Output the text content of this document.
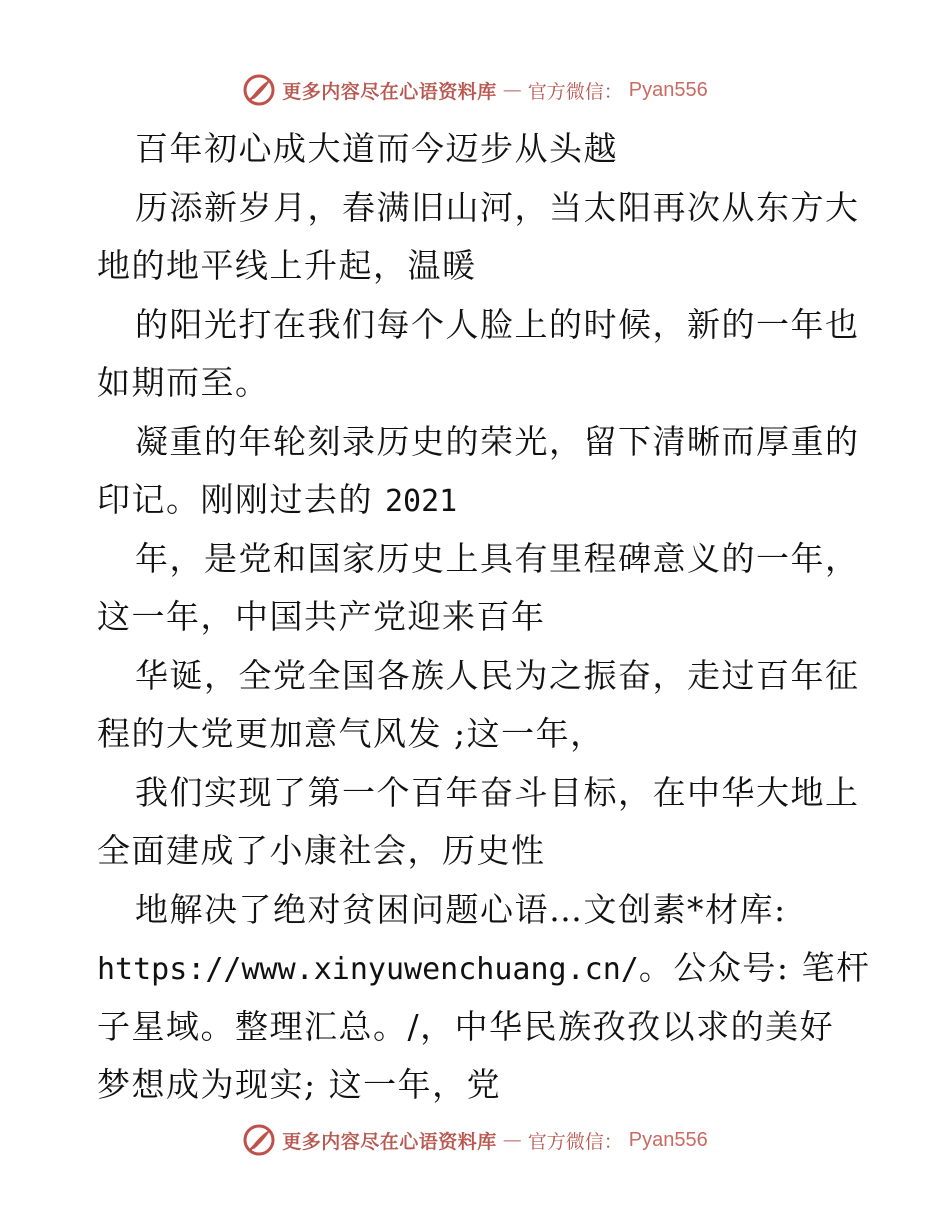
更多内容尽在心语资料库 — 官方微信： Pyan556
百年初心成大道而今迈步从头越
历添新岁月，春满旧山河，当太阳再次从东方大
地的地平线上升起，温暖
的阳光打在我们每个人脸上的时候，新的一年也
如期而至。
凝重的年轮刻录历史的荣光，留下清晰而厚重的
印记。刚刚过去的 2021
年，是党和国家历史上具有里程碑意义的一年，
这一年，中国共产党迎来百年
华诞，全党全国各族人民为之振奋，走过百年征
程的大党更加意气风发 ;这一年，
我们实现了第一个百年奋斗目标，在中华大地上
全面建成了小康社会，历史性
地解决了绝对贫困问题心语…文创素*材库:
https://www.xinyuwenchuang.cn/。公众号: 笔杆
子星域。整理汇总。/，中华民族孜孜以求的美好
梦想成为现实; 这一年，党
更多内容尽在心语资料库 — 官方微信： Pyan556
